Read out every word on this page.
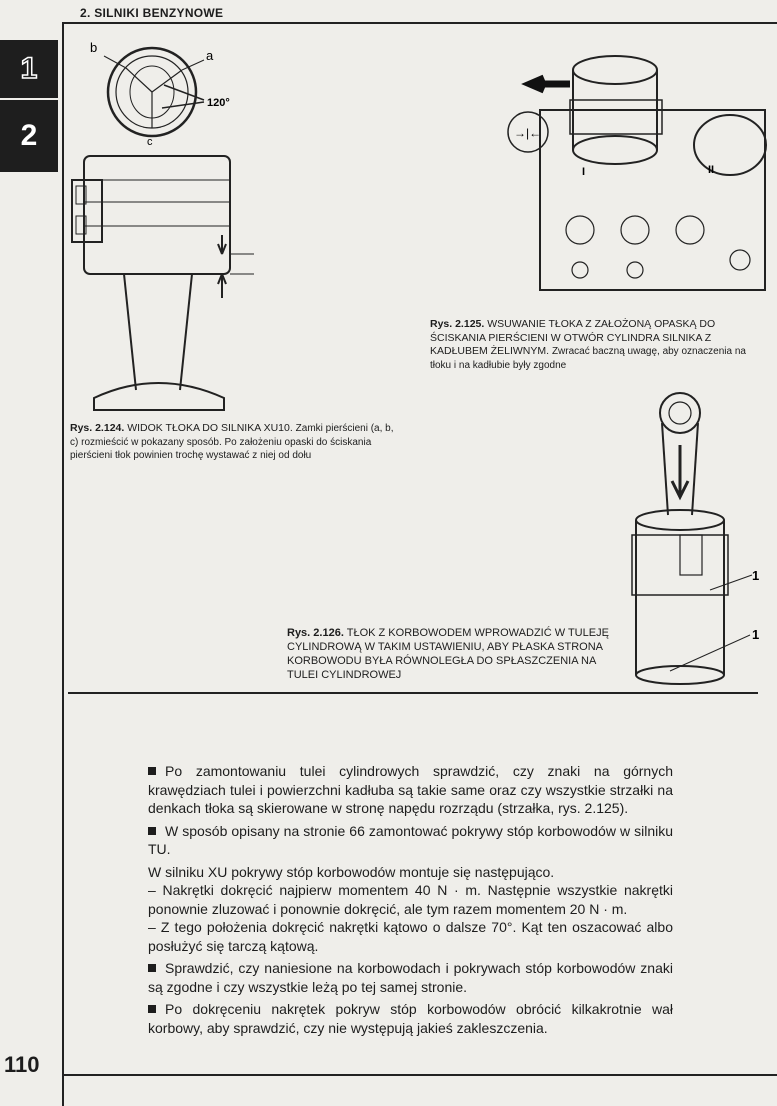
2. SILNIKI BENZYNOWE
1
2
b
a
c
120°
Rys. 2.124. WIDOK TŁOKA DO SILNIKA XU10. Zamki pierścieni (a, b, c) rozmieścić w pokazany sposób. Po założeniu opaski do ściskania pierścieni tłok powinien trochę wystawać z niej od dołu
→|←
I	II
Rys. 2.125. WSUWANIE TŁOKA Z ZAŁOŻONĄ OPASKĄ DO ŚCISKANIA PIERŚCIENI W OTWÓR CYLINDRA SILNIKA Z KADŁUBEM ŻELIWNYM. Zwracać baczną uwagę, aby oznaczenia na tłoku i na kadłubie były zgodne
1
1
Rys. 2.126. TŁOK Z KORBOWODEM WPROWADZIĆ W TULEJĘ CYLINDROWĄ W TAKIM USTAWIENIU, ABY PŁASKA STRONA KORBOWODU BYŁA RÓWNOLEGŁA DO SPŁASZCZENIA NA TULEI CYLINDROWEJ

Po zamontowaniu tulei cylindrowych sprawdzić, czy znaki na górnych krawędziach tulei i powierzchni kadłuba są takie same oraz czy wszystkie strzałki na denkach tłoka są skierowane w stronę napędu rozrządu (strzałka, rys. 2.125).

W sposób opisany na stronie 66 zamontować pokrywy stóp korbowodów w silniku TU.

W silniku XU pokrywy stóp korbowodów montuje się następująco.

– Nakrętki dokręcić najpierw momentem 40 N · m. Następnie wszystkie nakrętki ponownie zluzować i ponownie dokręcić, ale tym razem momentem 20 N · m.

– Z tego położenia dokręcić nakrętki kątowo o dalsze 70°. Kąt ten oszacować albo posłużyć się tarczą kątową.

Sprawdzić, czy naniesione na korbowodach i pokrywach stóp korbowodów znaki są zgodne i czy wszystkie leżą po tej samej stronie.

Po dokręceniu nakrętek pokryw stóp korbowodów obrócić kilkakrotnie wał korbowy, aby sprawdzić, czy nie występują jakieś zakleszczenia.

110
